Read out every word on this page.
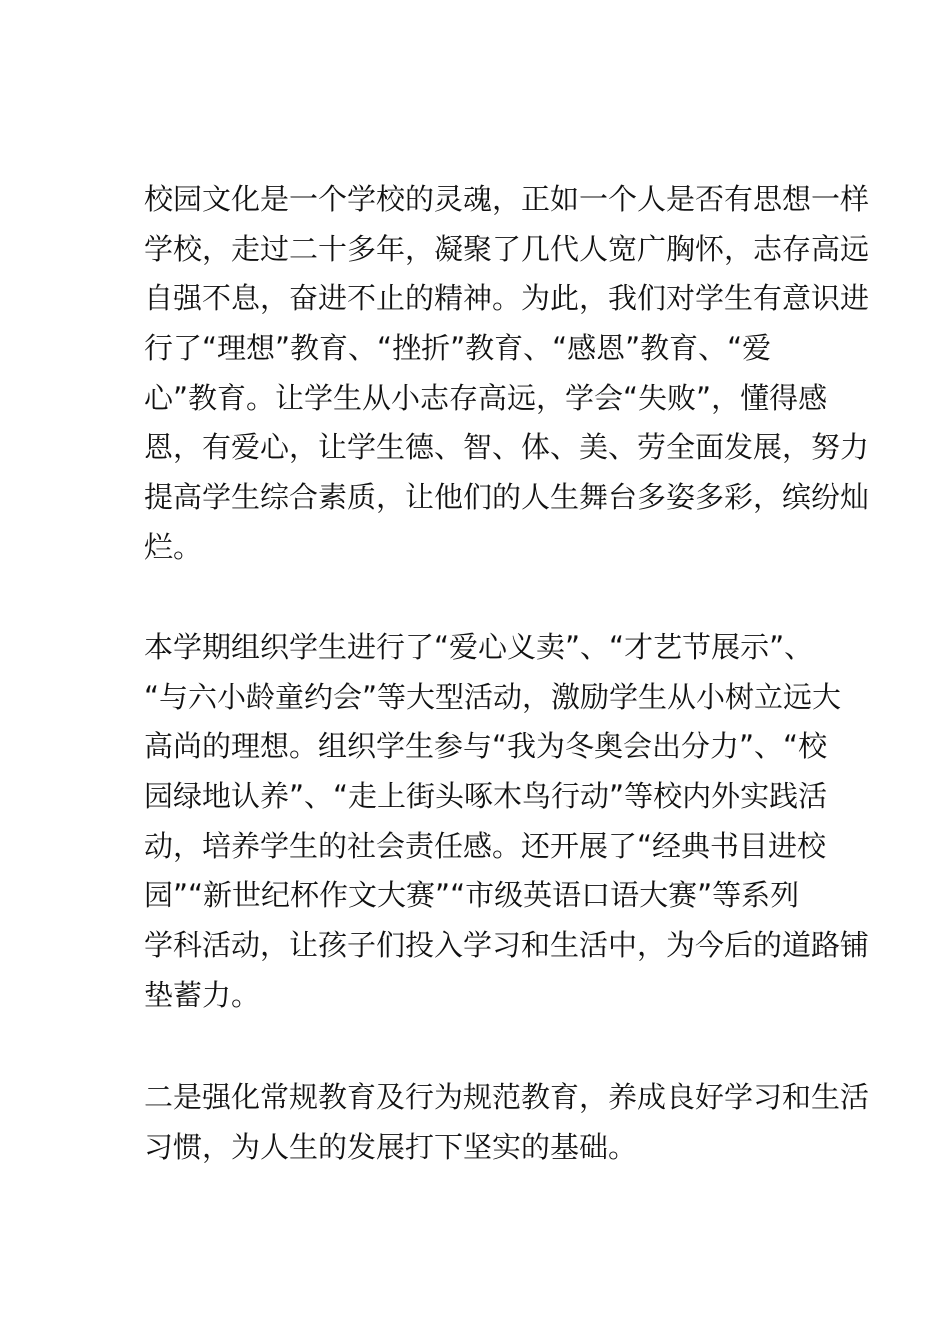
校园文化是一个学校的灵魂，正如一个人是否有思想一样
学校，走过二十多年，凝聚了几代人宽广胸怀，志存高远
自强不息，奋进不止的精神。为此，我们对学生有意识进
行了“理想”教育、“挫折”教育、“感恩”教育、“爱
心”教育。让学生从小志存高远，学会“失败”，懂得感
恩，有爱心，让学生德、智、体、美、劳全面发展，努力
提高学生综合素质，让他们的人生舞台多姿多彩，缤纷灿
烂。

本学期组织学生进行了“爱心义卖”、“才艺节展示”、
“与六小龄童约会”等大型活动，激励学生从小树立远大
高尚的理想。组织学生参与“我为冬奥会出分力”、“校
园绿地认养”、“走上街头啄木鸟行动”等校内外实践活
动，培养学生的社会责任感。还开展了“经典书目进校
园”“新世纪杯作文大赛”“市级英语口语大赛”等系列
学科活动，让孩子们投入学习和生活中，为今后的道路铺
垫蓄力。

二是强化常规教育及行为规范教育，养成良好学习和生活
习惯，为人生的发展打下坚实的基础。
